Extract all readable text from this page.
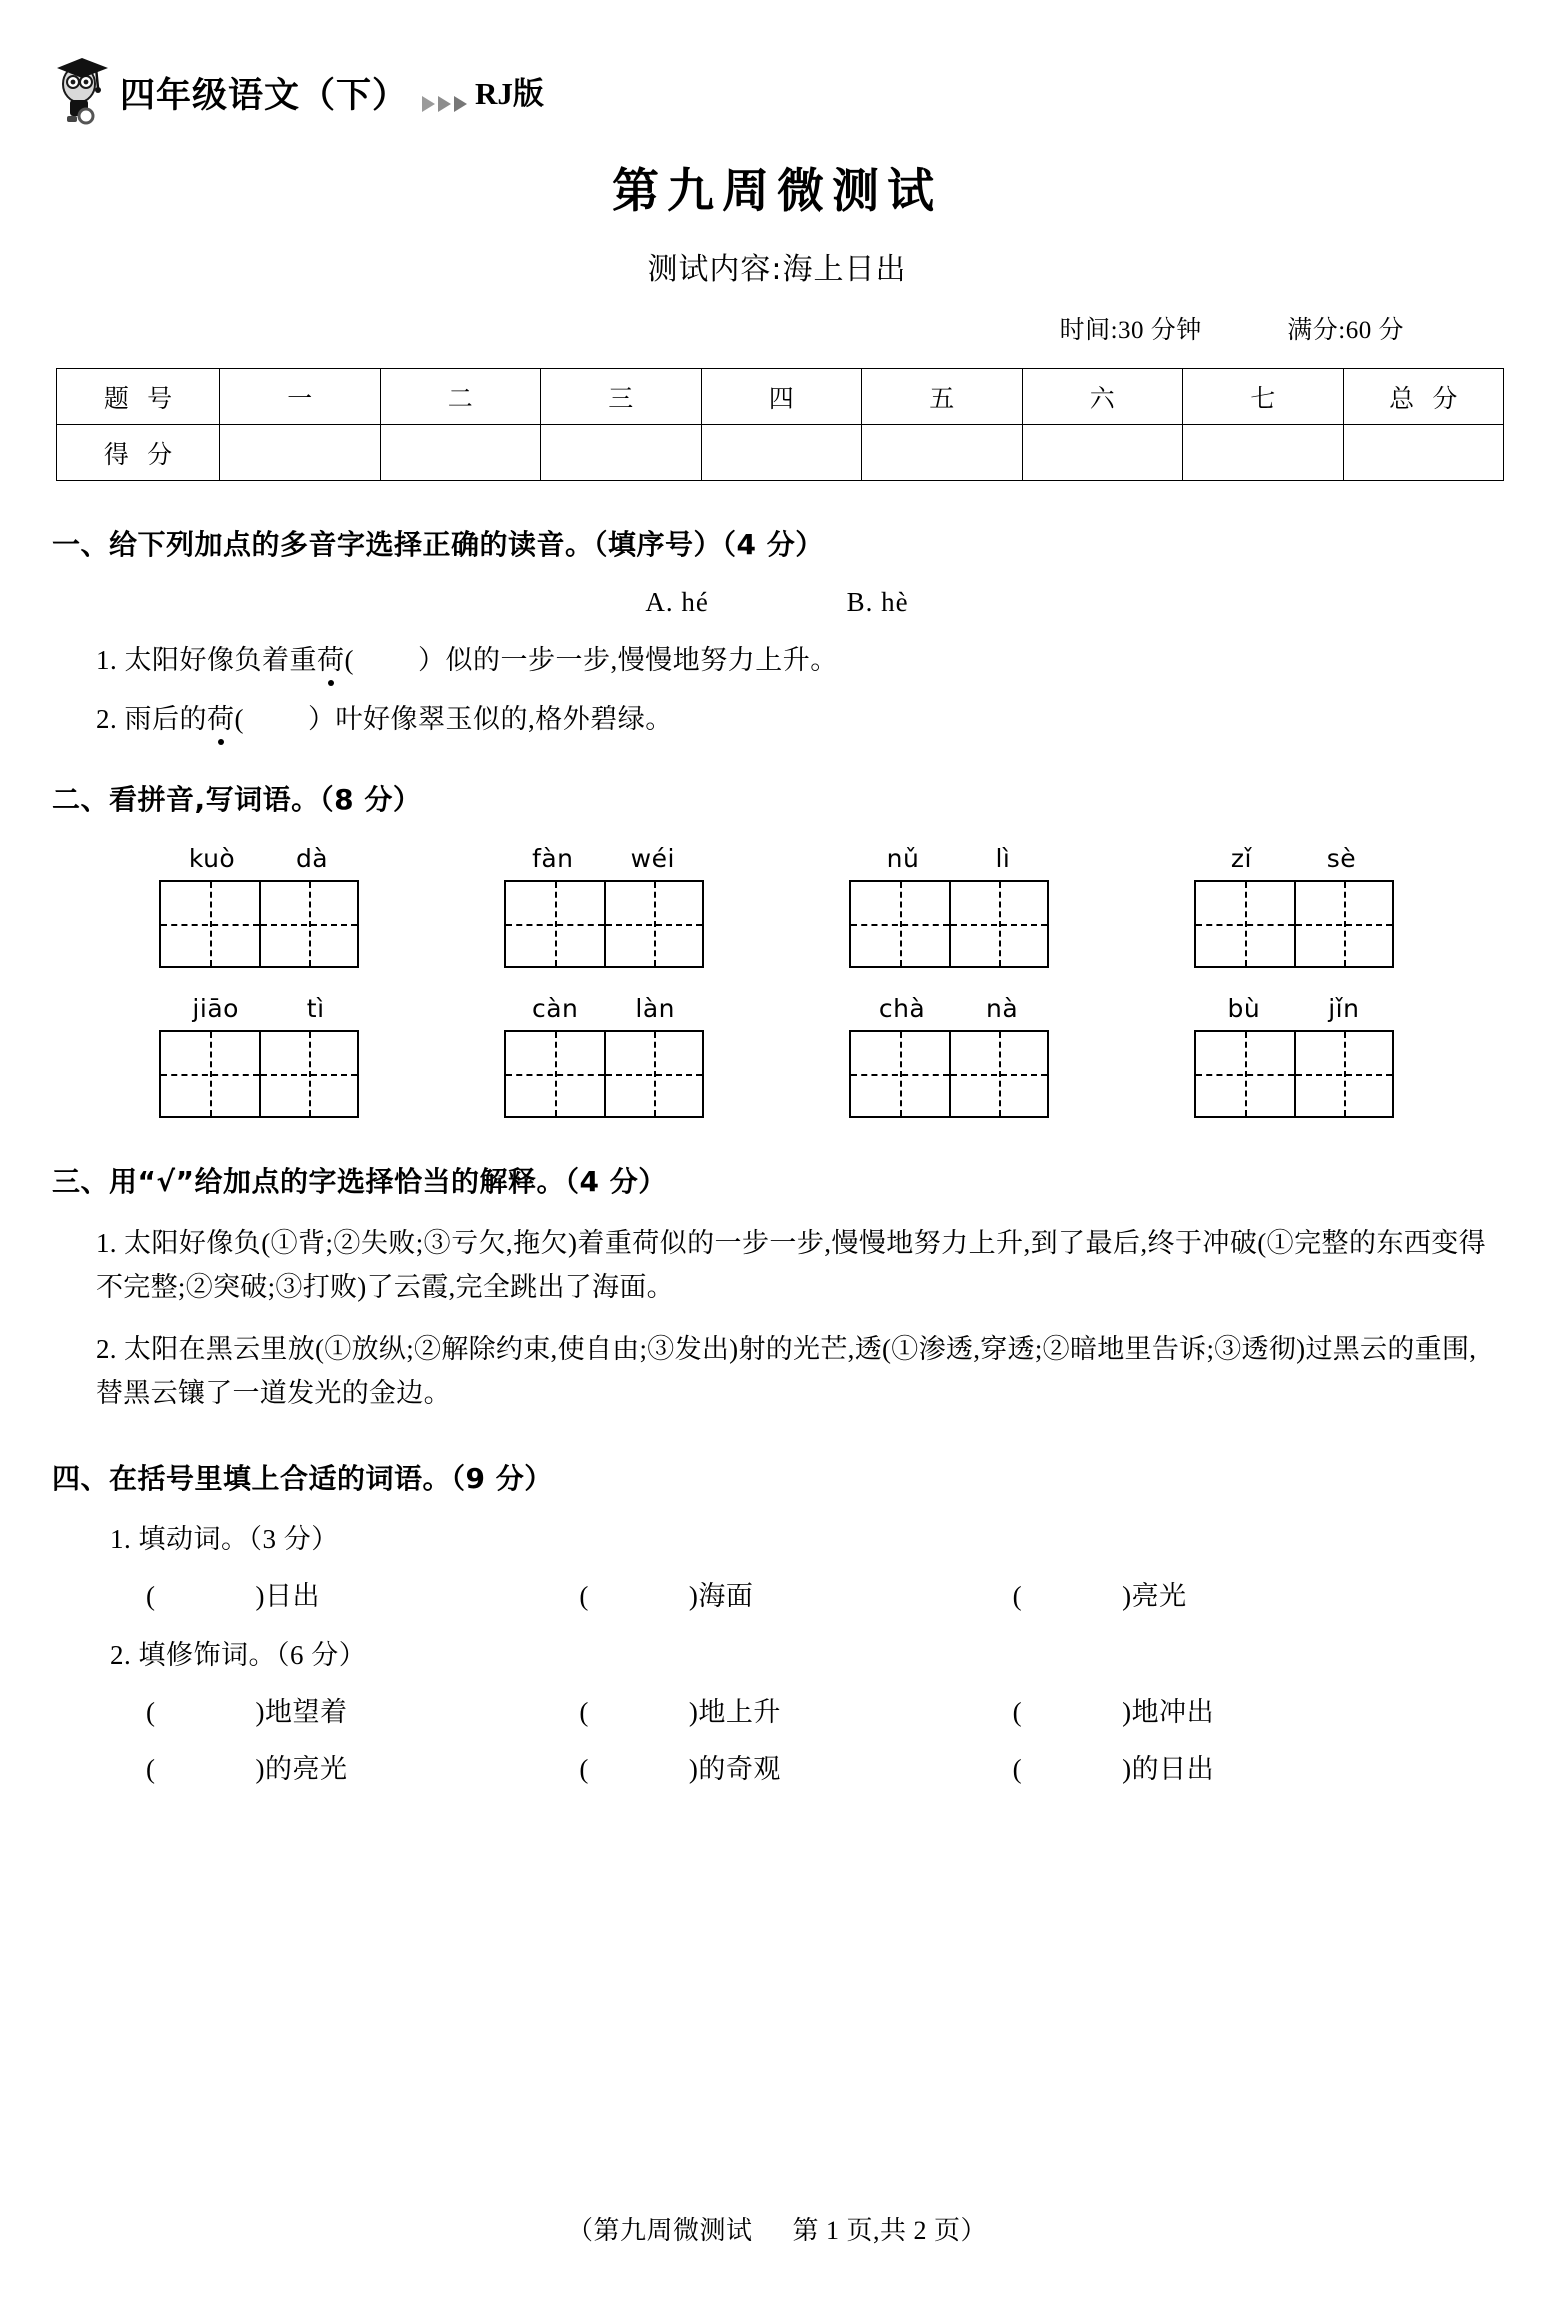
四年级语文（下） RJ版
第九周微测试
测试内容:海上日出
时间:30 分钟	满分:60 分
题 号	一	二	三	四	五	六	七	总 分
得 分								
一、给下列加点的多音字选择正确的读音。（填序号）（4 分）
A. hé	B. hè
1. 太阳好像负着重荷( ）似的一步一步,慢慢地努力上升。
2. 雨后的荷( ）叶好像翠玉似的,格外碧绿。
二、看拼音,写词语。（8 分）
kuò dà	fàn wéi	nǔ	lì	zǐ	sè
jiāo	tì	càn làn	chà nà	bù	jǐn
三、用“√”给加点的字选择恰当的解释。（4 分）
1. 太阳好像负(①背;②失败;③亏欠,拖欠)着重荷似的一步一步,慢慢地努力上升,到了最后,终于冲破(①完整的东西变得不完整;②突破;③打败)了云霞,完全跳出了海面。
2. 太阳在黑云里放(①放纵;②解除约束,使自由;③发出)射的光芒,透(①渗透,穿透;②暗地里告诉;③透彻)过黑云的重围,替黑云镶了一道发光的金边。
四、在括号里填上合适的词语。（9 分）
1. 填动词。（3 分）
(	)日出	(	)海面	(	)亮光
2. 填修饰词。（6 分）
(	)地望着	(	)地上升	(	)地冲出
(	)的亮光	(	)的奇观	(	)的日出
（第九周微测试 第 1 页,共 2 页）
